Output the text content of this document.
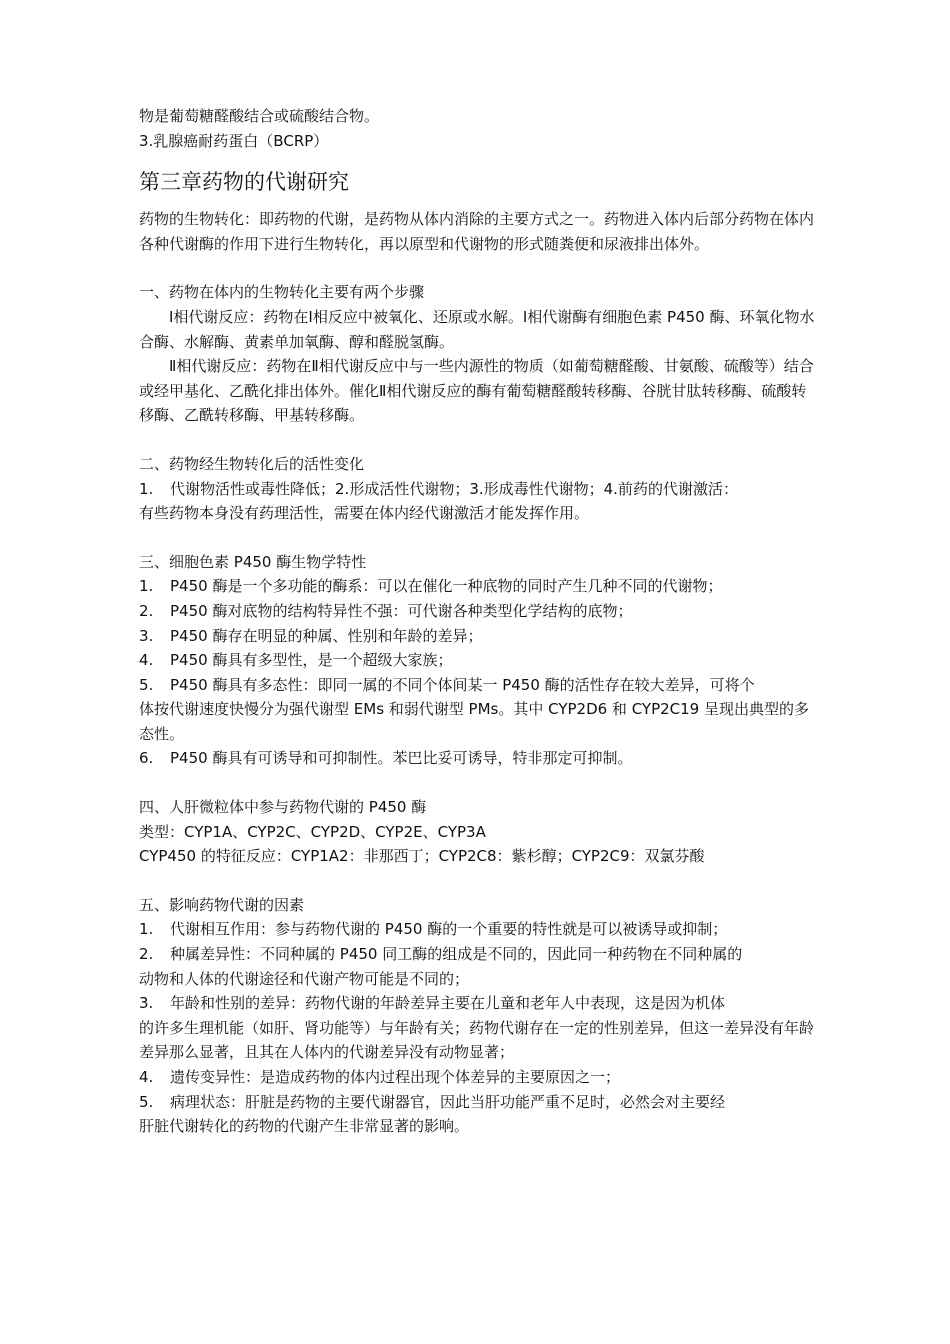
物是葡萄糖醛酸结合或硫酸结合物。
3.乳腺癌耐药蛋白（BCRP）
第三章药物的代谢研究
药物的生物转化：即药物的代谢，是药物从体内消除的主要方式之一。药物进入体内后部分药物在体内各种代谢酶的作用下进行生物转化，再以原型和代谢物的形式随粪便和尿液排出体外。
一、药物在体内的生物转化主要有两个步骤
Ⅰ相代谢反应：药物在Ⅰ相反应中被氧化、还原或水解。Ⅰ相代谢酶有细胞色素 P450 酶、环氧化物水合酶、水解酶、黄素单加氧酶、醇和醛脱氢酶。
Ⅱ相代谢反应：药物在Ⅱ相代谢反应中与一些内源性的物质（如葡萄糖醛酸、甘氨酸、硫酸等）结合或经甲基化、乙酰化排出体外。催化Ⅱ相代谢反应的酶有葡萄糖醛酸转移酶、谷胱甘肽转移酶、硫酸转移酶、乙酰转移酶、甲基转移酶。
二、药物经生物转化后的活性变化
1. 代谢物活性或毒性降低；2.形成活性代谢物；3.形成毒性代谢物；4.前药的代谢激活：
有些药物本身没有药理活性，需要在体内经代谢激活才能发挥作用。
三、细胞色素 P450 酶生物学特性
1. P450 酶是一个多功能的酶系：可以在催化一种底物的同时产生几种不同的代谢物；
2. P450 酶对底物的结构特异性不强：可代谢各种类型化学结构的底物；
3. P450 酶存在明显的种属、性别和年龄的差异；
4. P450 酶具有多型性，是一个超级大家族；
5. P450 酶具有多态性：即同一属的不同个体间某一 P450 酶的活性存在较大差异，可将个
体按代谢速度快慢分为强代谢型 EMs 和弱代谢型 PMs。其中 CYP2D6 和 CYP2C19 呈现出典型的多态性。
6. P450 酶具有可诱导和可抑制性。苯巴比妥可诱导，特非那定可抑制。
四、人肝微粒体中参与药物代谢的 P450 酶
类型：CYP1A、CYP2C、CYP2D、CYP2E、CYP3A
CYP450 的特征反应：CYP1A2：非那西丁；CYP2C8：紫杉醇；CYP2C9：双氯芬酸
五、影响药物代谢的因素
1. 代谢相互作用：参与药物代谢的 P450 酶的一个重要的特性就是可以被诱导或抑制；
2. 种属差异性：不同种属的 P450 同工酶的组成是不同的，因此同一种药物在不同种属的
动物和人体的代谢途径和代谢产物可能是不同的；
3. 年龄和性别的差异：药物代谢的年龄差异主要在儿童和老年人中表现，这是因为机体
的许多生理机能（如肝、肾功能等）与年龄有关；药物代谢存在一定的性别差异，但这一差异没有年龄差异那么显著，且其在人体内的代谢差异没有动物显著；
4. 遗传变异性：是造成药物的体内过程出现个体差异的主要原因之一；
5. 病理状态：肝脏是药物的主要代谢器官，因此当肝功能严重不足时，必然会对主要经
肝脏代谢转化的药物的代谢产生非常显著的影响。
